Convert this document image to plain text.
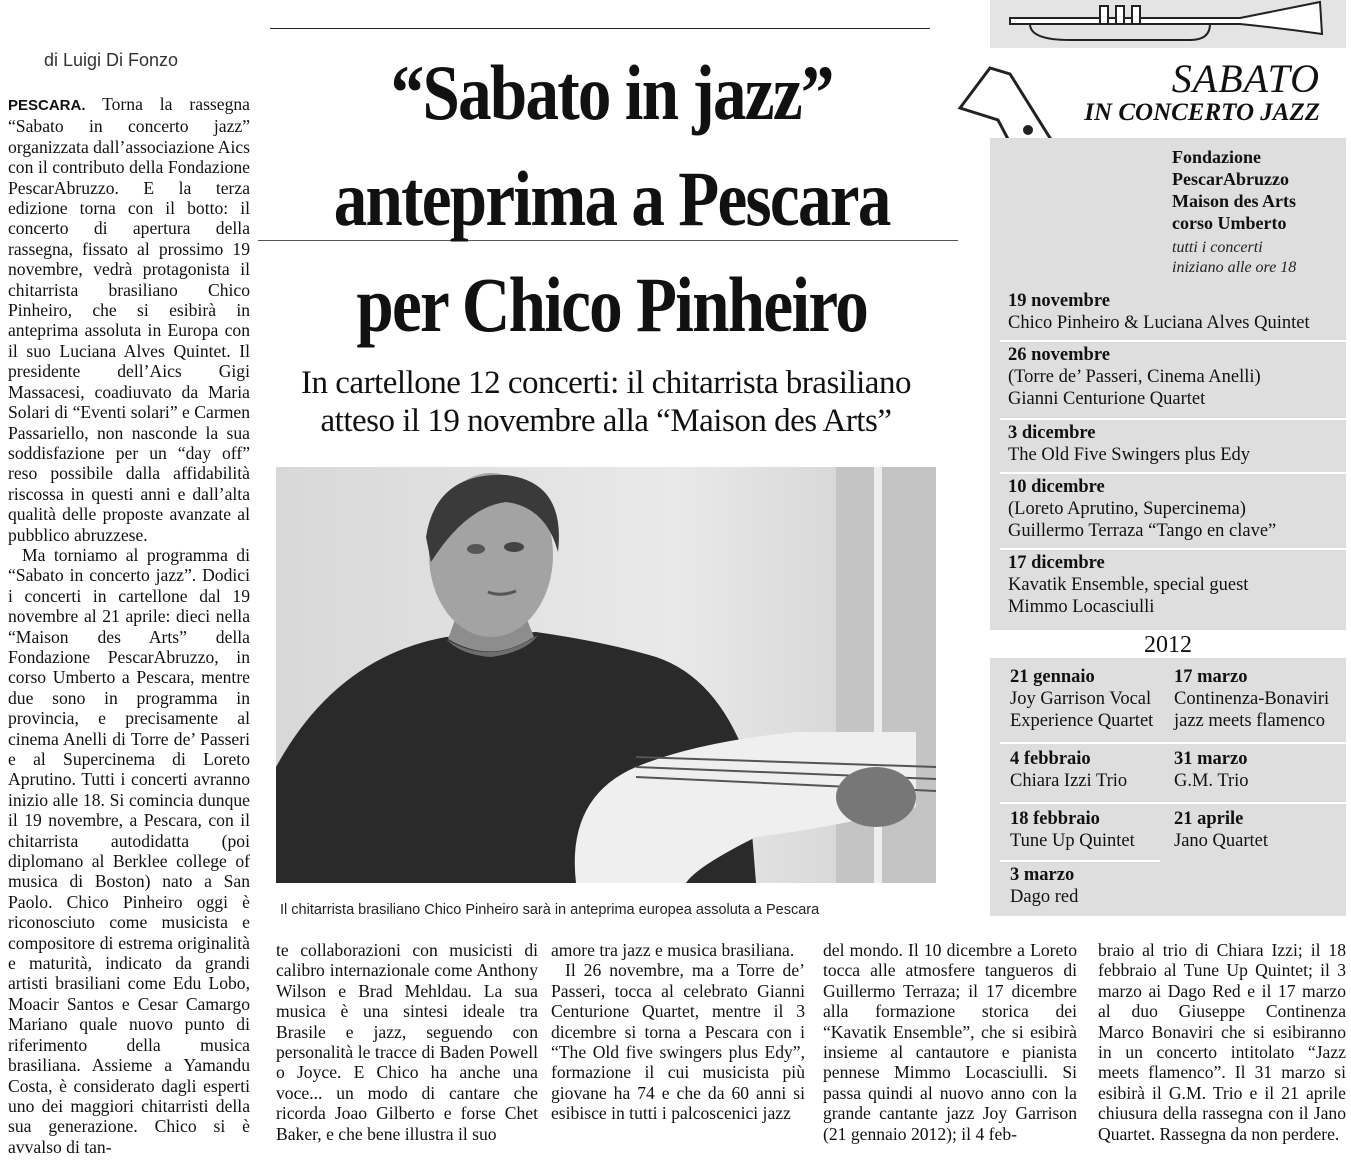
di Luigi Di Fonzo

PESCARA. Torna la rassegna “Sabato in concerto jazz” organizzata dall’associazione Aics con il contributo della Fondazione PescarAbruzzo. E la terza edizione torna con il botto: il concerto di apertura della rassegna, fissato al prossimo 19 novembre, vedrà protagonista il chitarrista brasiliano Chico Pinheiro, che si esibirà in anteprima assoluta in Europa con il suo Luciana Alves Quintet. Il presidente dell’Aics Gigi Massacesi, coadiuvato da Maria Solari di “Eventi solari” e Carmen Passariello, non nasconde la sua soddisfazione per un “day off” reso possibile dalla affidabilità riscossa in questi anni e dall’alta qualità delle proposte avanzate al pubblico abruzzese.

Ma torniamo al programma di “Sabato in concerto jazz”. Dodici i concerti in cartellone dal 19 novembre al 21 aprile: dieci nella “Maison des Arts” della Fondazione PescarAbruzzo, in corso Umberto a Pescara, mentre due sono in programma in provincia, e precisamente al cinema Anelli di Torre de’ Passeri e al Supercinema di Loreto Aprutino. Tutti i concerti avranno inizio alle 18. Si comincia dunque il 19 novembre, a Pescara, con il chitarrista autodidatta (poi diplomano al Berklee college of musica di Boston) nato a San Paolo. Chico Pinheiro oggi è riconosciuto come musicista e compositore di estrema originalità e maturità, indicato da grandi artisti brasiliani come Edu Lobo, Moacir Santos e Cesar Camargo Mariano quale nuovo punto di riferimento della musica brasiliana. Assieme a Yamandu Costa, è considerato dagli esperti uno dei maggiori chitarristi della sua generazione. Chico si è avvalso di tan-

“Sabato in jazz”
anteprima a Pescara
per Chico Pinheiro
In cartellone 12 concerti: il chitarrista brasiliano
atteso il 19 novembre alla “Maison des Arts”
Il chitarrista brasiliano Chico Pinheiro sarà in anteprima europea assoluta a Pescara

te collaborazioni con musicisti di calibro internazionale come Anthony Wilson e Brad Mehldau. La sua musica è una sintesi ideale tra Brasile e jazz, seguendo con personalità le tracce di Baden Powell o Joyce. E Chico ha anche una voce... un modo di cantare che ricorda Joao Gilberto e forse Chet Baker, e che bene illustra il suo

amore tra jazz e musica brasiliana.

Il 26 novembre, ma a Torre de’ Passeri, tocca al celebrato Gianni Centurione Quartet, mentre il 3 dicembre si torna a Pescara con i “The Old five swingers plus Edy”, formazione il cui musicista più giovane ha 74 e che da 60 anni si esibisce in tutti i palcoscenici jazz

del mondo. Il 10 dicembre a Loreto tocca alle atmosfere tangueros di Guillermo Terraza; il 17 dicembre alla formazione storica dei “Kavatik Ensemble”, che si esibirà insieme al cantautore e pianista pennese Mimmo Locasciulli. Si passa quindi al nuovo anno con la grande cantante jazz Joy Garrison (21 gennaio 2012); il 4 feb-

braio al trio di Chiara Izzi; il 18 febbraio al Tune Up Quintet; il 3 marzo ai Dago Red e il 17 marzo al duo Giuseppe Continenza Marco Bonaviri che si esibiranno in un concerto intitolato “Jazz meets flamenco”. Il 31 marzo si esibirà il G.M. Trio e il 21 aprile chiusura della rassegna con il Jano Quartet. Rassegna da non perdere.

SABATO
IN CONCERTO JAZZ
Fondazione
PescarAbruzzo
Maison des Arts
corso Umberto
tutti i concerti
iniziano alle ore 18
19 novembre
Chico Pinheiro & Luciana Alves Quintet
26 novembre
(Torre de’ Passeri, Cinema Anelli)
Gianni Centurione Quartet
3 dicembre
The Old Five Swingers plus Edy
10 dicembre
(Loreto Aprutino, Supercinema)
Guillermo Terraza “Tango en clave”
17 dicembre
Kavatik Ensemble, special guest
Mimmo Locasciulli
2012
21 gennaio
Joy Garrison Vocal
Experience Quartet
17 marzo
Continenza-Bonaviri
jazz meets flamenco
4 febbraio
Chiara Izzi Trio
31 marzo
G.M. Trio
18 febbraio
Tune Up Quintet
21 aprile
Jano Quartet
3 marzo
Dago red
